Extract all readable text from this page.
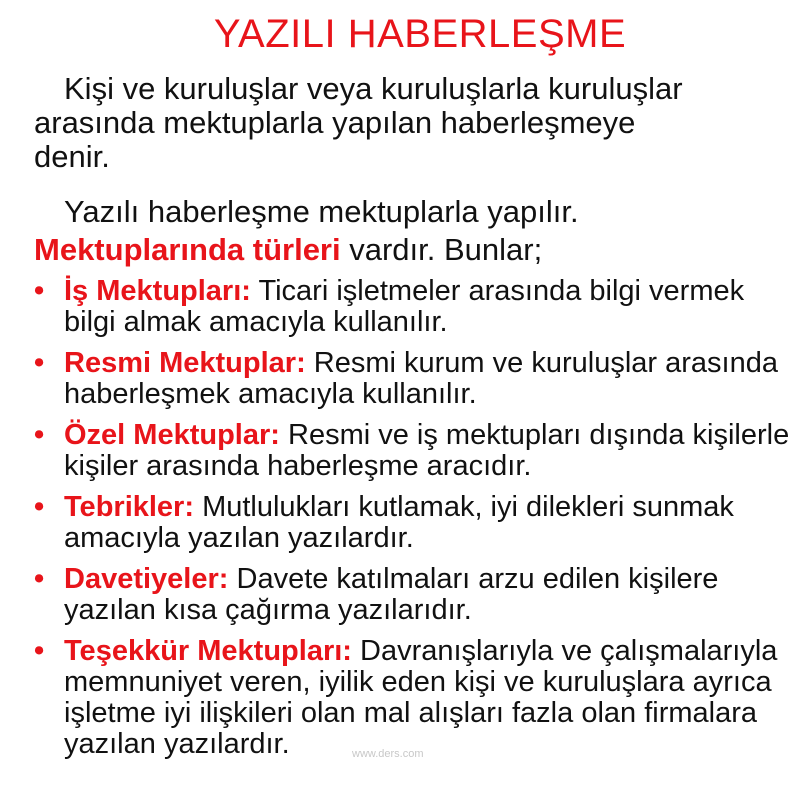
YAZILI HABERLEŞME

Kişi ve kuruluşlar veya kuruluşlarla kuruluşlar
arasında mektuplarla yapılan haberleşmeye
denir.

Yazılı haberleşme mektuplarla yapılır.

Mektuplarında türleri vardır. Bunlar;

• İş Mektupları: Ticari işletmeler arasında bilgi vermek bilgi almak amacıyla kullanılır.
• Resmi Mektuplar: Resmi kurum ve kuruluşlar arasında haberleşmek amacıyla kullanılır.
• Özel Mektuplar: Resmi ve iş mektupları dışında kişilerle kişiler arasında haberleşme aracıdır.
• Tebrikler: Mutlulukları kutlamak, iyi dilekleri sunmak amacıyla yazılan yazılardır.
• Davetiyeler: Davete katılmaları arzu edilen kişilere yazılan kısa çağırma yazılarıdır.
• Teşekkür Mektupları: Davranışlarıyla ve çalışmalarıyla memnuniyet veren, iyilik eden kişi ve kuruluşlara ayrıca işletme iyi ilişkileri olan mal alışları fazla olan firmalara yazılan yazılardır.	www.ders.com
